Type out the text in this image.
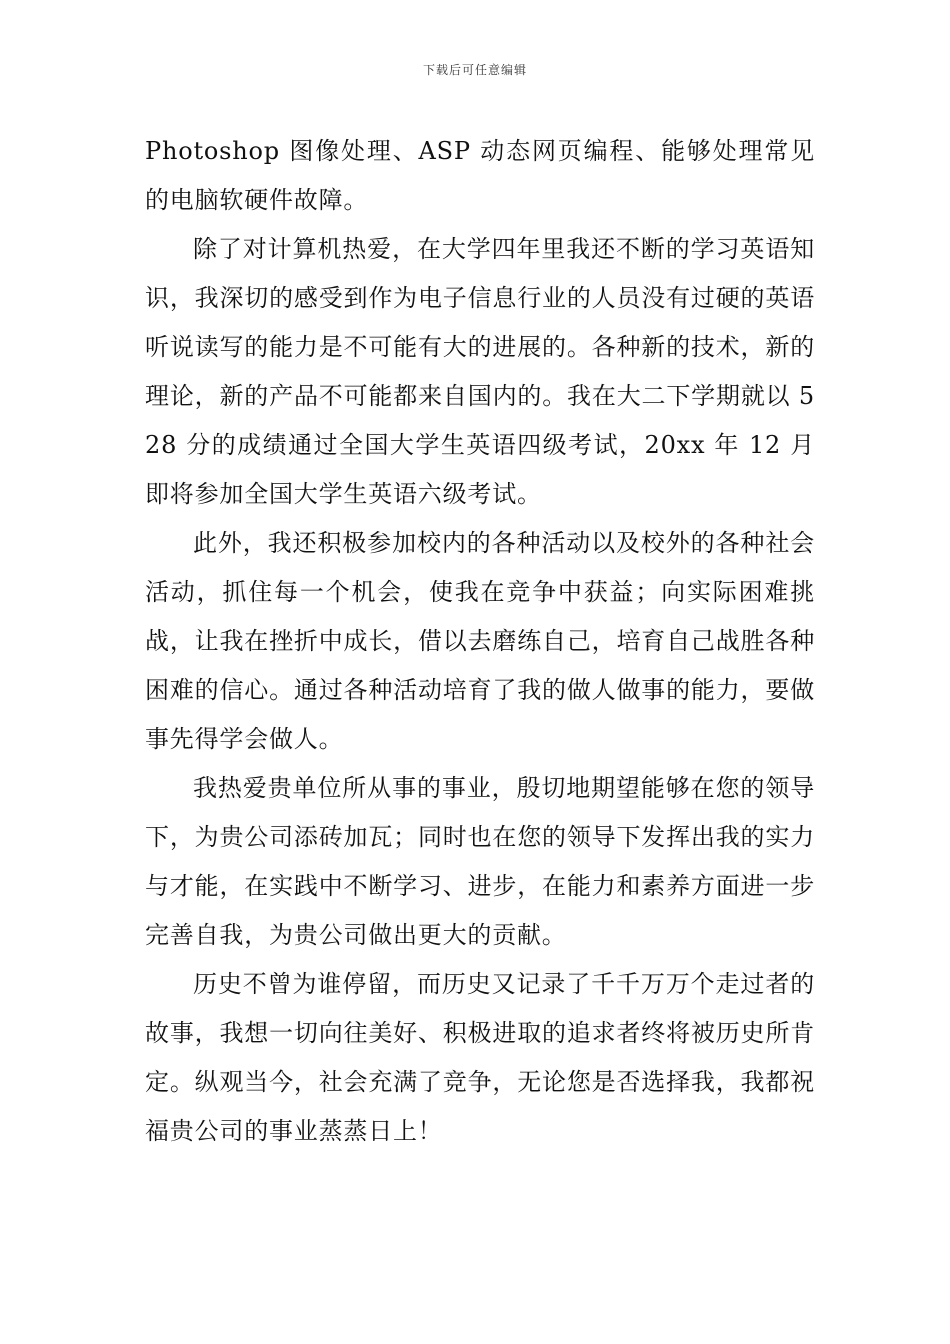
下载后可任意编辑

Photoshop 图像处理、ASP 动态网页编程、能够处理常见的电脑软硬件故障。

除了对计算机热爱，在大学四年里我还不断的学习英语知识，我深切的感受到作为电子信息行业的人员没有过硬的英语听说读写的能力是不可能有大的进展的。各种新的技术，新的理论，新的产品不可能都来自国内的。我在大二下学期就以 528 分的成绩通过全国大学生英语四级考试，20xx 年 12 月即将参加全国大学生英语六级考试。

此外，我还积极参加校内的各种活动以及校外的各种社会活动，抓住每一个机会，使我在竞争中获益；向实际困难挑战，让我在挫折中成长，借以去磨练自己，培育自己战胜各种困难的信心。通过各种活动培育了我的做人做事的能力，要做事先得学会做人。

我热爱贵单位所从事的事业，殷切地期望能够在您的领导下，为贵公司添砖加瓦；同时也在您的领导下发挥出我的实力与才能，在实践中不断学习、进步，在能力和素养方面进一步完善自我，为贵公司做出更大的贡献。

历史不曾为谁停留，而历史又记录了千千万万个走过者的故事，我想一切向往美好、积极进取的追求者终将被历史所肯定。纵观当今，社会充满了竞争，无论您是否选择我，我都祝福贵公司的事业蒸蒸日上！
